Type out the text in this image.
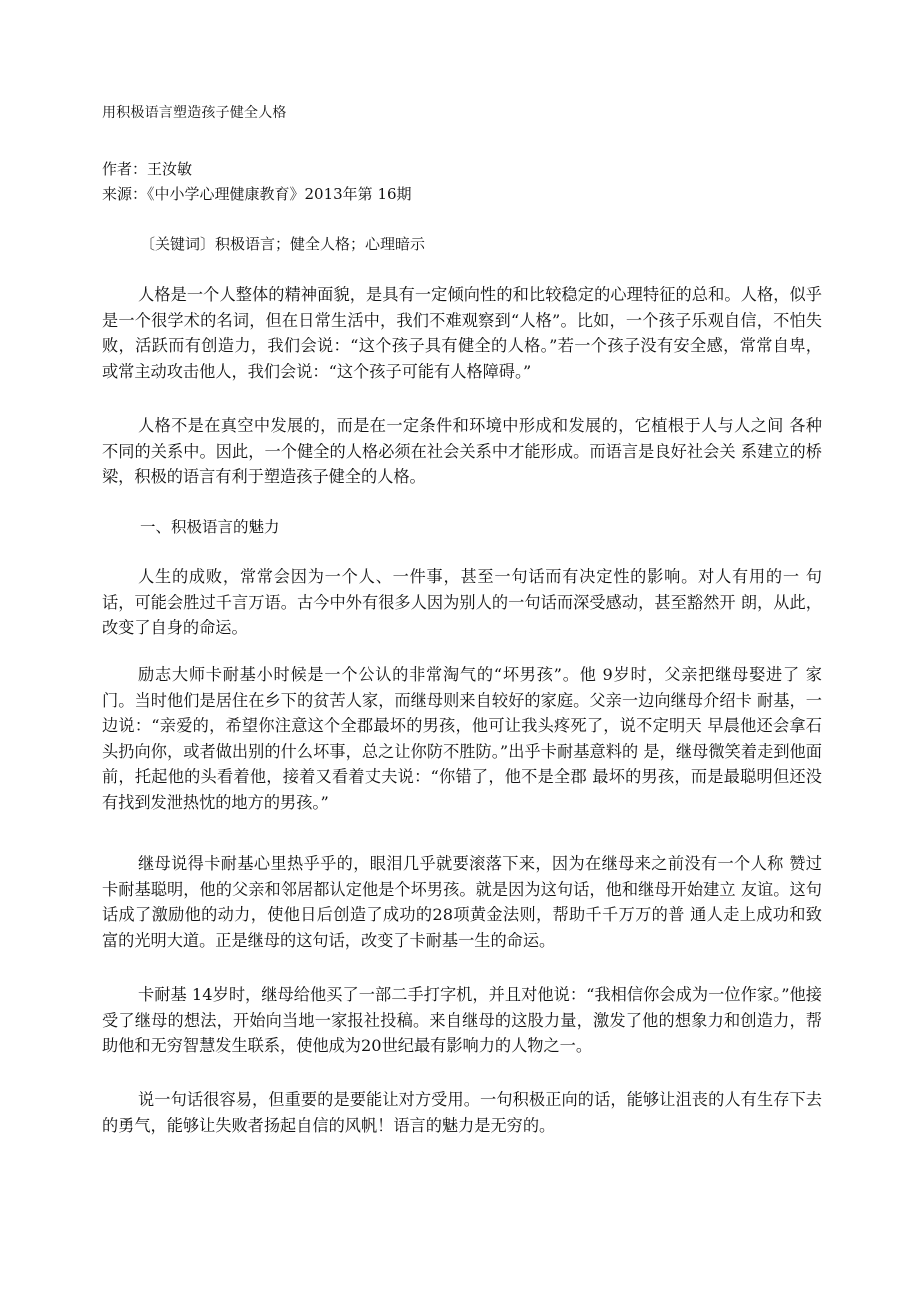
用积极语言塑造孩子健全人格
作者：王汝敏
来源：《中小学心理健康教育》2013年第 16期
〔关键词〕积极语言；健全人格；心理暗示

人格是一个人整体的精神面貌，是具有一定倾向性的和比较稳定的心理特征的总和。人格，似乎是一个很学术的名词，但在日常生活中，我们不难观察到“人格”。比如，一个孩子乐观自信，不怕失败，活跃而有创造力，我们会说：“这个孩子具有健全的人格。”若一个孩子没有安全感，常常自卑，或常主动攻击他人，我们会说：“这个孩子可能有人格障碍。”

人格不是在真空中发展的，而是在一定条件和环境中形成和发展的，它植根于人与人之间 各种不同的关系中。因此，一个健全的人格必须在社会关系中才能形成。而语言是良好社会关 系建立的桥梁，积极的语言有利于塑造孩子健全的人格。

一、积极语言的魅力

人生的成败，常常会因为一个人、一件事，甚至一句话而有决定性的影响。对人有用的一 句话，可能会胜过千言万语。古今中外有很多人因为别人的一句话而深受感动，甚至豁然开 朗，从此，改变了自身的命运。

励志大师卡耐基小时候是一个公认的非常淘气的“坏男孩”。他 9岁时，父亲把继母娶进了 家门。当时他们是居住在乡下的贫苦人家，而继母则来自较好的家庭。父亲一边向继母介绍卡 耐基，一边说：“亲爱的，希望你注意这个全郡最坏的男孩，他可让我头疼死了，说不定明天 早晨他还会拿石头扔向你，或者做出别的什么坏事，总之让你防不胜防。”出乎卡耐基意料的 是，继母微笑着走到他面前，托起他的头看着他，接着又看着丈夫说：“你错了，他不是全郡 最坏的男孩，而是最聪明但还没有找到发泄热忱的地方的男孩。”

继母说得卡耐基心里热乎乎的，眼泪几乎就要滚落下来，因为在继母来之前没有一个人称 赞过卡耐基聪明，他的父亲和邻居都认定他是个坏男孩。就是因为这句话，他和继母开始建立 友谊。这句话成了激励他的动力，使他日后创造了成功的28项黄金法则，帮助千千万万的普 通人走上成功和致富的光明大道。正是继母的这句话，改变了卡耐基一生的命运。

卡耐基 14岁时，继母给他买了一部二手打字机，并且对他说：“我相信你会成为一位作家。”他接受了继母的想法，开始向当地一家报社投稿。来自继母的这股力量，激发了他的想象力和创造力，帮助他和无穷智慧发生联系，使他成为20世纪最有影响力的人物之一。

说一句话很容易，但重要的是要能让对方受用。一句积极正向的话，能够让沮丧的人有生存下去的勇气，能够让失败者扬起自信的风帆！语言的魅力是无穷的。
